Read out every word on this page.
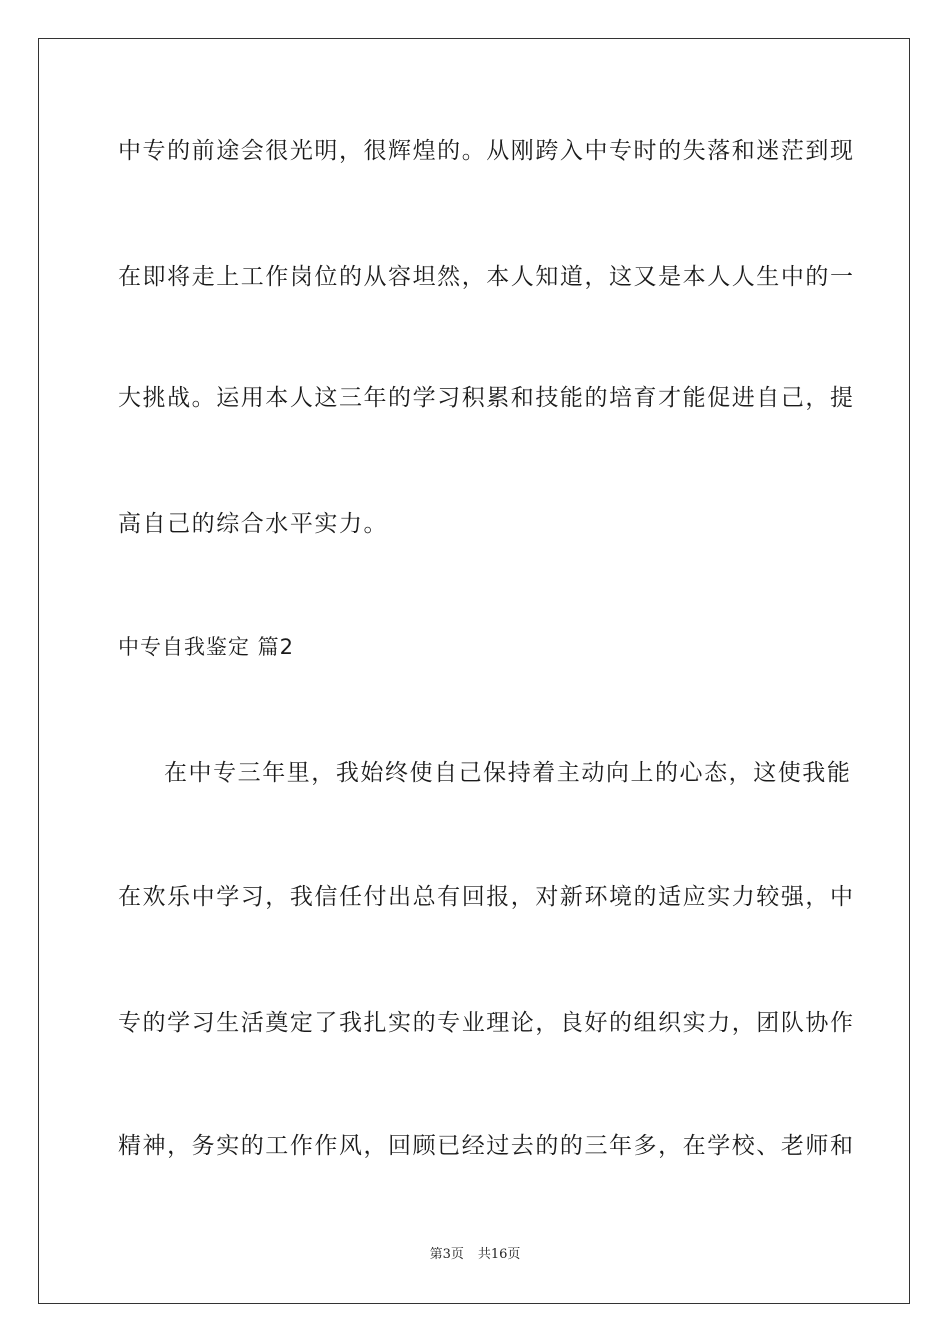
中专的前途会很光明，很辉煌的。从刚跨入中专时的失落和迷茫到现
在即将走上工作岗位的从容坦然，本人知道，这又是本人人生中的一
大挑战。运用本人这三年的学习积累和技能的培育才能促进自己，提
高自己的综合水平实力。
中专自我鉴定 篇2
在中专三年里，我始终使自己保持着主动向上的心态，这使我能
在欢乐中学习，我信任付出总有回报，对新环境的适应实力较强，中
专的学习生活奠定了我扎实的专业理论，良好的组织实力，团队协作
精神，务实的工作作风，回顾已经过去的的三年多，在学校、老师和
第3页 共16页
